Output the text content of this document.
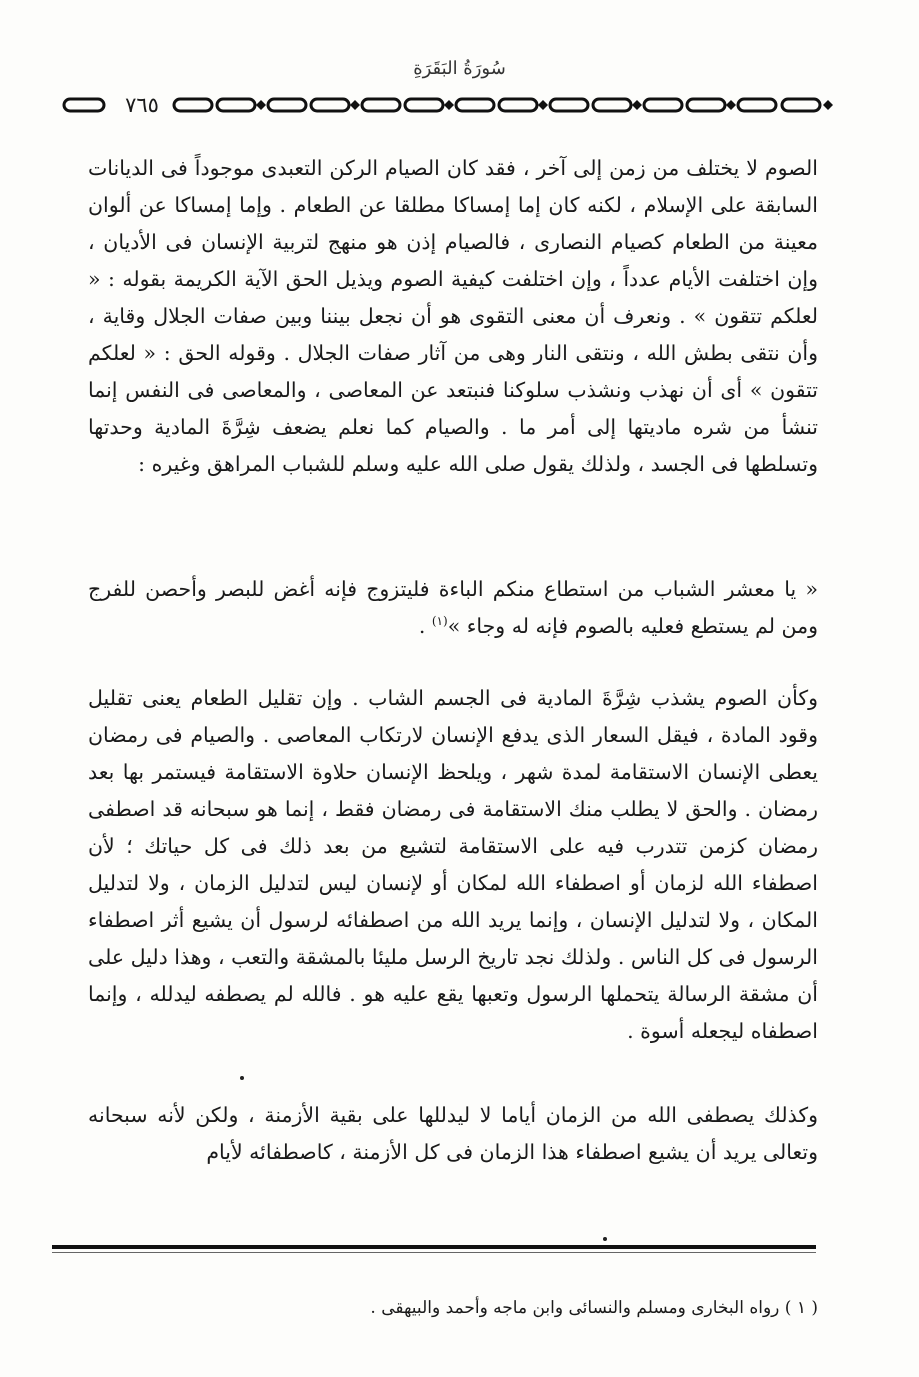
سُورَةُ البَقَرَةِ
٧٦٥

الصوم لا يختلف من زمن إلى آخر ، فقد كان الصيام الركن التعبدى موجوداً فى الديانات السابقة على الإسلام ، لكنه كان إما إمساكا مطلقا عن الطعام . وإما إمساكا عن ألوان معينة من الطعام كصيام النصارى ، فالصيام إذن هو منهج لتربية الإنسان فى الأديان ، وإن اختلفت الأيام عدداً ، وإن اختلفت كيفية الصوم ويذيل الحق الآية الكريمة بقوله : « لعلكم تتقون » . ونعرف أن معنى التقوى هو أن نجعل بيننا وبين صفات الجلال وقاية ، وأن نتقى بطش الله ، ونتقى النار وهى من آثار صفات الجلال . وقوله الحق : « لعلكم تتقون » أى أن نهذب ونشذب سلوكنا فنبتعد عن المعاصى ، والمعاصى فى النفس إنما تنشأ من شره ماديتها إلى أمر ما . والصيام كما نعلم يضعف شِرَّةَ المادية وحدتها وتسلطها فى الجسد ، ولذلك يقول صلى الله عليه وسلم للشباب المراهق وغيره :

« يا معشر الشباب من استطاع منكم الباءة فليتزوج فإنه أغض للبصر وأحصن للفرج ومن لم يستطع فعليه بالصوم فإنه له وجاء »$^{(١)}$ .

وكأن الصوم يشذب شِرَّةَ المادية فى الجسم الشاب . وإن تقليل الطعام يعنى تقليل وقود المادة ، فيقل السعار الذى يدفع الإنسان لارتكاب المعاصى . والصيام فى رمضان يعطى الإنسان الاستقامة لمدة شهر ، ويلحظ الإنسان حلاوة الاستقامة فيستمر بها بعد رمضان . والحق لا يطلب منك الاستقامة فى رمضان فقط ، إنما هو سبحانه قد اصطفى رمضان كزمن تتدرب فيه على الاستقامة لتشيع من بعد ذلك فى كل حياتك ؛ لأن اصطفاء الله لزمان أو اصطفاء الله لمكان أو لإنسان ليس لتدليل الزمان ، ولا لتدليل المكان ، ولا لتدليل الإنسان ، وإنما يريد الله من اصطفائه لرسول أن يشيع أثر اصطفاء الرسول فى كل الناس . ولذلك نجد تاريخ الرسل مليئا بالمشقة والتعب ، وهذا دليل على أن مشقة الرسالة يتحملها الرسول وتعبها يقع عليه هو . فالله لم يصطفه ليدلله ، وإنما اصطفاه ليجعله أسوة .

وكذلك يصطفى الله من الزمان أياما لا ليدللها على بقية الأزمنة ، ولكن لأنه سبحانه وتعالى يريد أن يشيع اصطفاء هذا الزمان فى كل الأزمنة ، كاصطفائه لأيام

( ١ ) رواه البخارى ومسلم والنسائى وابن ماجه وأحمد والبيهقى .
